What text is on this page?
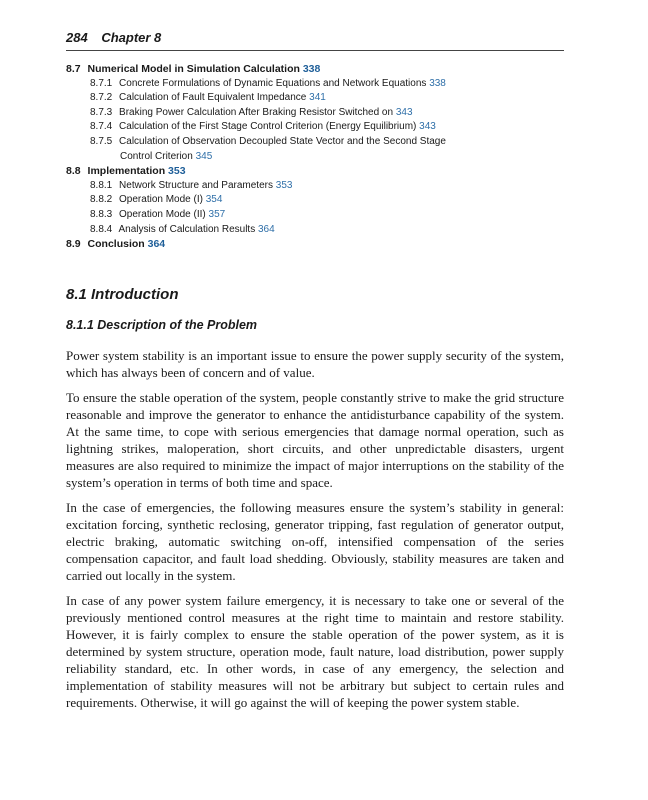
284 Chapter 8
8.7 Numerical Model in Simulation Calculation 338
8.7.1 Concrete Formulations of Dynamic Equations and Network Equations 338
8.7.2 Calculation of Fault Equivalent Impedance 341
8.7.3 Braking Power Calculation After Braking Resistor Switched on 343
8.7.4 Calculation of the First Stage Control Criterion (Energy Equilibrium) 343
8.7.5 Calculation of Observation Decoupled State Vector and the Second Stage
Control Criterion 345
8.8 Implementation 353
8.8.1 Network Structure and Parameters 353
8.8.2 Operation Mode (I) 354
8.8.3 Operation Mode (II) 357
8.8.4 Analysis of Calculation Results 364
8.9 Conclusion 364
8.1 Introduction
8.1.1 Description of the Problem

Power system stability is an important issue to ensure the power supply security of the system, which has always been of concern and of value.

To ensure the stable operation of the system, people constantly strive to make the grid structure reasonable and improve the generator to enhance the antidisturbance capability of the system. At the same time, to cope with serious emergencies that damage normal operation, such as lightning strikes, maloperation, short circuits, and other unpredictable disasters, urgent measures are also required to minimize the impact of major interruptions on the stability of the system’s operation in terms of both time and space.

In the case of emergencies, the following measures ensure the system’s stability in general: excitation forcing, synthetic reclosing, generator tripping, fast regulation of generator output, electric braking, automatic switching on-off, intensified compensation of the series compensation capacitor, and fault load shedding. Obviously, stability measures are taken and carried out locally in the system.

In case of any power system failure emergency, it is necessary to take one or several of the previously mentioned control measures at the right time to maintain and restore stability. However, it is fairly complex to ensure the stable operation of the power system, as it is determined by system structure, operation mode, fault nature, load distribution, power supply reliability standard, etc. In other words, in case of any emergency, the selection and implementation of stability measures will not be arbitrary but subject to certain rules and requirements. Otherwise, it will go against the will of keeping the power system stable.
